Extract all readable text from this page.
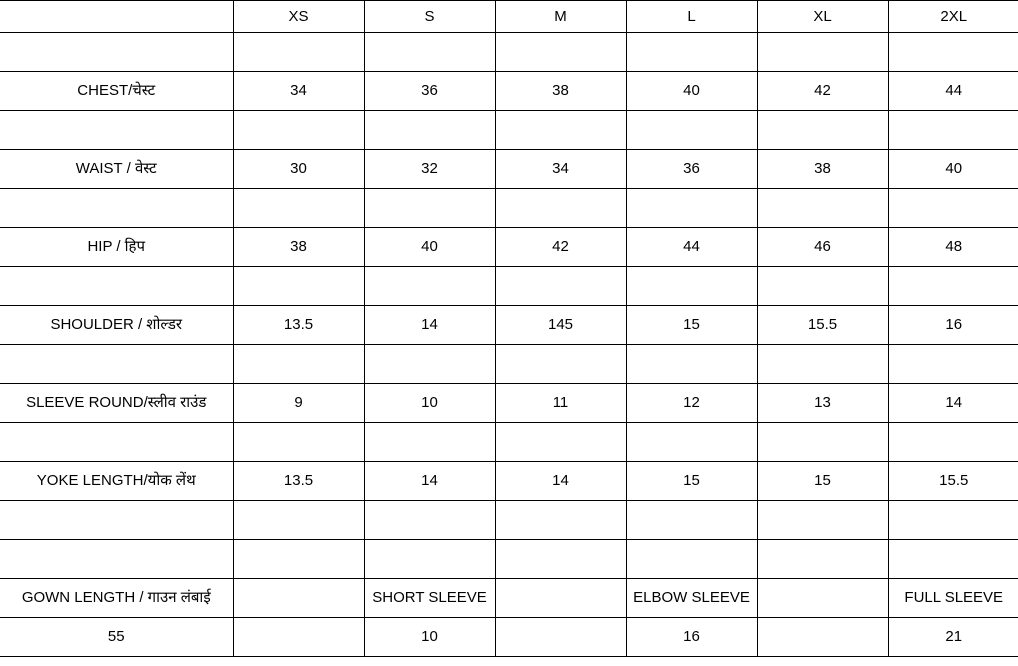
	XS	S	M	L	XL	2XL

CHEST/चेस्ट	34	36	38	40	42	44

WAIST / वेस्ट	30	32	34	36	38	40

HIP / हिप	38	40	42	44	46	48

SHOULDER / शोल्डर	13.5	14	145	15	15.5	16

SLEEVE ROUND/स्लीव राउंड	9	10	11	12	13	14

YOKE LENGTH/योक लेंथ	13.5	14	14	15	15	15.5

GOWN LENGTH / गाउन लंबाई		SHORT SLEEVE		ELBOW SLEEVE		FULL SLEEVE
55		10		16		21
